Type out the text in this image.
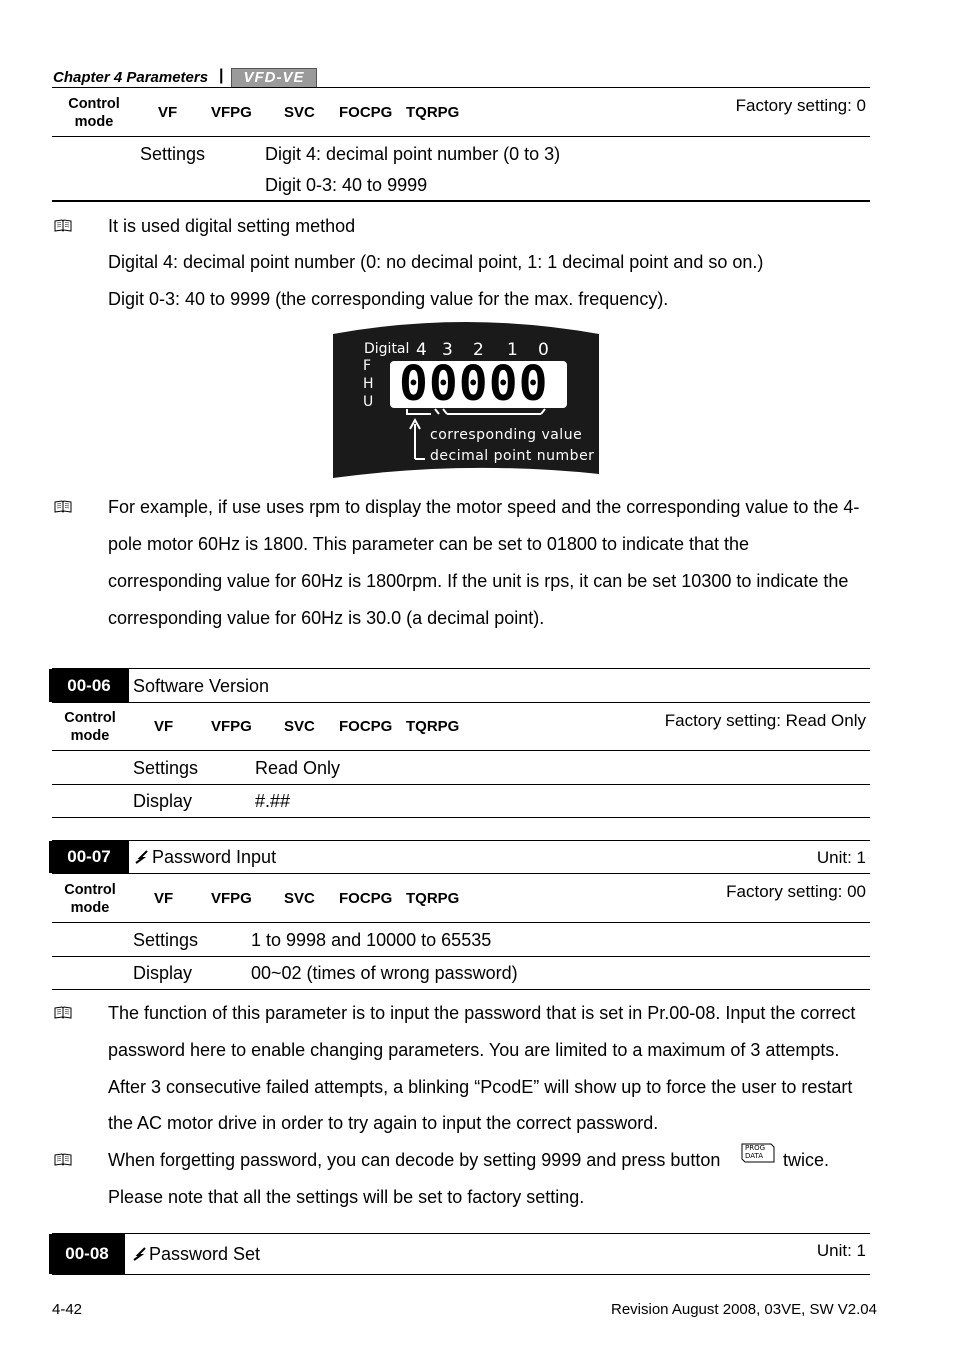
Chapter 4 Parameters |	VFD-VE
Control
mode
VF VFPG SVC FOCPG TQRPG	Factory setting: 0
Settings	Digit 4: decimal point number (0 to 3)
Digit 0-3: 40 to 9999
It is used digital setting method
Digital 4: decimal point number (0: no decimal point, 1: 1 decimal point and so on.)
Digit 0-3: 40 to 9999 (the corresponding value for the max. frequency).
Digital 4 3 2 1 0
F
H
U 00000
corresponding value
decimal point number
For example, if use uses rpm to display the motor speed and the corresponding value to the 4-
pole motor 60Hz is 1800. This parameter can be set to 01800 to indicate that the
corresponding value for 60Hz is 1800rpm. If the unit is rps, it can be set 10300 to indicate the
corresponding value for 60Hz is 30.0 (a decimal point).
00-06	Software Version
Control
mode
VF	VFPG SVC FOCPG TQRPG	Factory setting: Read Only
Settings	Read Only
Display	#.##
00-07	Password Input	Unit: 1
Control
mode
VF	VFPG SVC FOCPG TQRPG	Factory setting: 00
Settings	1 to 9998 and 10000 to 65535
Display	00~02 (times of wrong password)
The function of this parameter is to input the password that is set in Pr.00-08. Input the correct
password here to enable changing parameters. You are limited to a maximum of 3 attempts.
After 3 consecutive failed attempts, a blinking “PcodE” will show up to force the user to restart
the AC motor drive in order to try again to input the correct password.
When forgetting password, you can decode by setting 9999 and press button
PROG
DATA twice.
Please note that all the settings will be set to factory setting.
00-08	Password Set	Unit: 1
4-42	Revision August 2008, 03VE, SW V2.04
